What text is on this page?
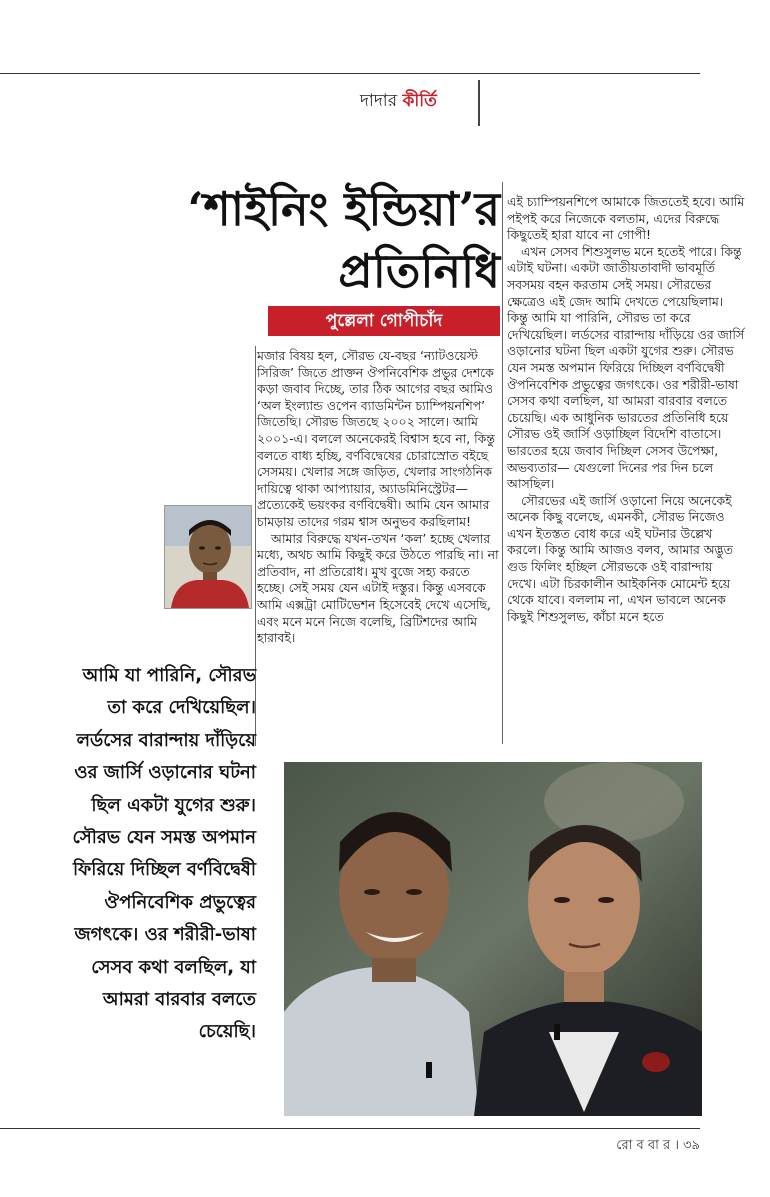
দাদার কীর্তি
‘শাইনিং ইন্ডিয়া’র
প্রতিনিধি
পুল্লেলা গোপীচাঁদ

মজার বিষয় হল, সৌরভ যে-বছর ‘ন্যাটওয়েস্ট সিরিজ’ জিতে প্রাক্তন ঔপনিবেশিক প্রভুর দেশকে কড়া জবাব দিচ্ছে, তার ঠিক আগের বছর আমিও ‘অল ইংল্যান্ড ওপেন ব্যাডমিন্টন চ্যাম্পিয়নশিপ’ জিতেছি। সৌরভ জিতছে ২০০২ সালে। আমি ২০০১-এ। বললে অনেকেরই বিশ্বাস হবে না, কিন্তু বলতে বাধ্য হচ্ছি, বর্ণবিদ্বেষের চোরাস্রোত বইছে সেসময়। খেলার সঙ্গে জড়িত, খেলার সাংগঠনিক দায়িত্বে থাকা আপ্যায়ার, অ্যাডমিনিস্ট্রেটর— প্রত্যেকেই ভয়ংকর বর্ণবিদ্বেষী। আমি যেন আমার চামড়ায় তাদের গরম শ্বাস অনুভব করছিলাম!

আমার বিরুদ্ধে যখন-তখন ‘কল’ হচ্ছে খেলার মধ্যে, অথচ আমি কিছুই করে উঠতে পারছি না। না প্রতিবাদ, না প্রতিরোধ। মুখ বুজে সহ্য করতে হচ্ছে। সেই সময় যেন এটাই দস্তুর। কিন্তু এসবকে আমি এক্সট্রা মোটিভেশন হিসেবেই দেখে এসেছি, এবং মনে মনে নিজে বলেছি, ব্রিটিশদের আমি হারাবই।

এই চ্যাম্পিয়নশিপে আমাকে জিততেই হবে। আমি পইপই করে নিজেকে বলতাম, এদের বিরুদ্ধে কিছুতেই হারা যাবে না গোপী!

এখন সেসব শিশুসুলভ মনে হতেই পারে। কিন্তু এটাই ঘটনা। একটা জাতীয়তাবাদী ভাবমূর্তি সবসময় বহন করতাম সেই সময়। সৌরভের ক্ষেত্রেও এই জেদ আমি দেখতে পেয়েছিলাম। কিন্তু আমি যা পারিনি, সৌরভ তা করে দেখিয়েছিল। লর্ডসের বারান্দায় দাঁড়িয়ে ওর জার্সি ওড়ানোর ঘটনা ছিল একটা যুগের শুরু। সৌরভ যেন সমস্ত অপমান ফিরিয়ে দিচ্ছিল বর্ণবিদ্বেষী ঔপনিবেশিক প্রভুত্বের জগৎকে। ওর শরীরী-ভাষা সেসব কথা বলছিল, যা আমরা বারবার বলতে চেয়েছি। এক আধুনিক ভারতের প্রতিনিধি হয়ে সৌরভ ওই জার্সি ওড়াচ্ছিল বিদেশি বাতাসে। ভারতের হয়ে জবাব দিচ্ছিল সেসব উপেক্ষা, অভব্যতার— যেগুলো দিনের পর দিন চলে আসছিল।

সৌরভের এই জার্সি ওড়ানো নিয়ে অনেকেই অনেক কিছু বলেছে, এমনকী, সৌরভ নিজেও এখন ইতস্তত বোধ করে এই ঘটনার উল্লেখ করলে। কিন্তু আমি আজও বলব, আমার অদ্ভুত গুড ফিলিং হচ্ছিল সৌরভকে ওই বারান্দায় দেখে। এটা চিরকালীন আইকনিক মোমেন্ট হয়ে থেকে যাবে। বললাম না, এখন ভাবলে অনেক কিছুই শিশুসুলভ, কাঁচা মনে হতে

আমি যা পারিনি, সৌরভ তা করে দেখিয়েছিল। লর্ডসের বারান্দায় দাঁড়িয়ে ওর জার্সি ওড়ানোর ঘটনা ছিল একটা যুগের শুরু। সৌরভ যেন সমস্ত অপমান ফিরিয়ে দিচ্ছিল বর্ণবিদ্বেষী ঔপনিবেশিক প্রভুত্বের জগৎকে। ওর শরীরী-ভাষা সেসব কথা বলছিল, যা আমরা বারবার বলতে চেয়েছি।
রো ব বা র । ৩৯
